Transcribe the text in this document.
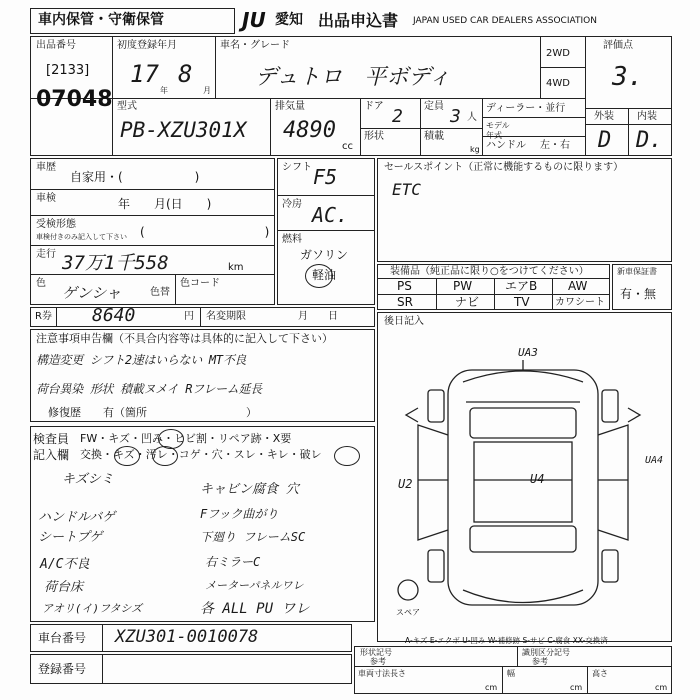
車内保管・守衛保管	JU 愛知 出品申込書 JAPAN USED CAR DEALERS ASSOCIATION
出品番号
[2133]
07048
初度登録年月
17
年
8
月
車名・グレード
デュトロ　平ボディ
2WD
4WD
評価点
3.
外装 内装
D D.
型式
PB-XZU301X
排気量
4890
cc
ドア 2
形状
定員 3 人
積載
kg
ディーラー・並行
モデル年式
ハンドル 左・右
車歴
自家用・(　　　　　　)
車検	年　　月(日　　)
受検形態
車検付きのみ記入して下さい (　　　　　　　　　　)
走行 37万1千558	km
色
ゲンシャ	色替
色コード
シフト F5
冷房 AC.
燃料
ガソリン
軽油
セールスポイント（正常に機能するものに限ります）
ETC
装備品（純正品に限り○をつけてください）
PS	PW	エアB	AW
SR	ナビ	TV	カワシート
新車保証書
有・無
R券 8640	円 名変期限	月　　日
注意事項申告欄（不具合内容等は具体的に記入して下さい）
構造変更 シフト2速はいらない MT不良
荷台異染 形状 積載ヌメイ Rフレーム延長
修復歴　　有（箇所　　　　　　　　　）
検査員
記入欄
FW・キズ・凹み・ヒビ割・リペア跡・X要
交換・キズ・汚レ・コゲ・穴・スレ・キレ・破レ
キズシミ
ハンドルバゲ
シートプゲ
A/C不良
荷台床
アオリ(イ)フタシズ
キャビン腐食 穴
Fフック曲がり
下廻り フレームSC
右ミラーC
メーターパネルワレ
各 ALL PU ワレ
後日記入
UA3
U2	U4
UA4
スペア
車台番号 XZU301-0010078
登録番号
A-キズ E-エクボ U-凹み W-補修跡 S-サビ C-腐食 XX-交換済
形状記号
参考
識別区分記号
参考
車両寸法長さ
cm
幅
cm
高さ
cm
